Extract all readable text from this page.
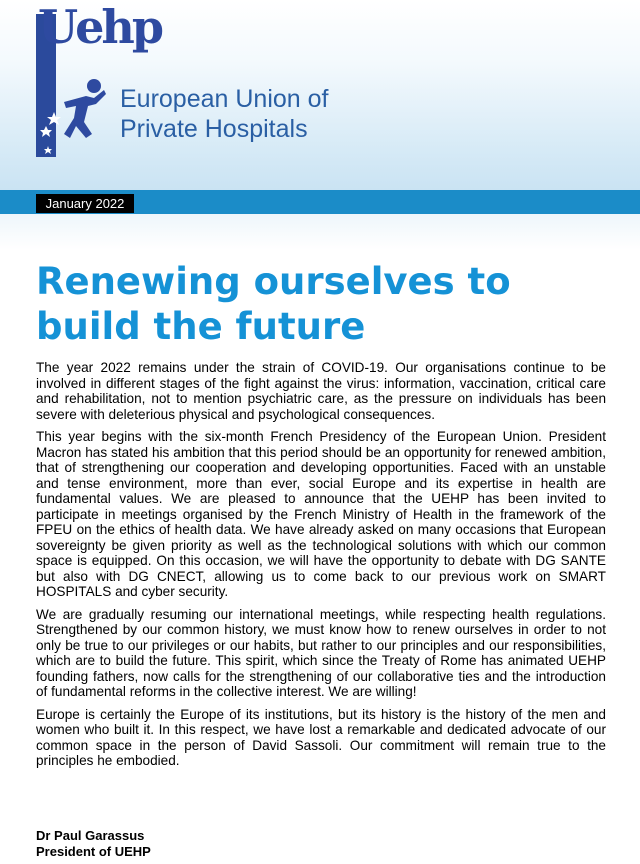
Uehp
European Union of
Private Hospitals
January 2022
Renewing ourselves to
build the future

The year 2022 remains under the strain of COVID-19. Our organisations continue to be involved in different stages of the fight against the virus: information, vaccination, critical care and rehabilitation, not to mention psychiatric care, as the pressure on individuals has been severe with deleterious physical and psychological consequences.

This year begins with the six-month French Presidency of the European Union. President Macron has stated his ambition that this period should be an opportunity for renewed ambition, that of strengthening our cooperation and developing opportunities. Faced with an unstable and tense environment, more than ever, social Europe and its expertise in health are fundamental values. We are pleased to announce that the UEHP has been invited to participate in meetings organised by the French Ministry of Health in the framework of the FPEU on the ethics of health data. We have already asked on many occasions that European sovereignty be given priority as well as the technological solutions with which our common space is equipped. On this occasion, we will have the opportunity to debate with DG SANTE but also with DG CNECT, allowing us to come back to our previous work on SMART HOSPITALS and cyber security.

We are gradually resuming our international meetings, while respecting health regulations. Strengthened by our common history, we must know how to renew ourselves in order to not only be true to our privileges or our habits, but rather to our principles and our responsibilities, which are to build the future. This spirit, which since the Treaty of Rome has animated UEHP founding fathers, now calls for the strengthening of our collaborative ties and the introduction of fundamental reforms in the collective interest. We are willing!

Europe is certainly the Europe of its institutions, but its history is the history of the men and women who built it. In this respect, we have lost a remarkable and dedicated advocate of our common space in the person of David Sassoli. Our commitment will remain true to the principles he embodied.

Dr Paul Garassus
President of UEHP
